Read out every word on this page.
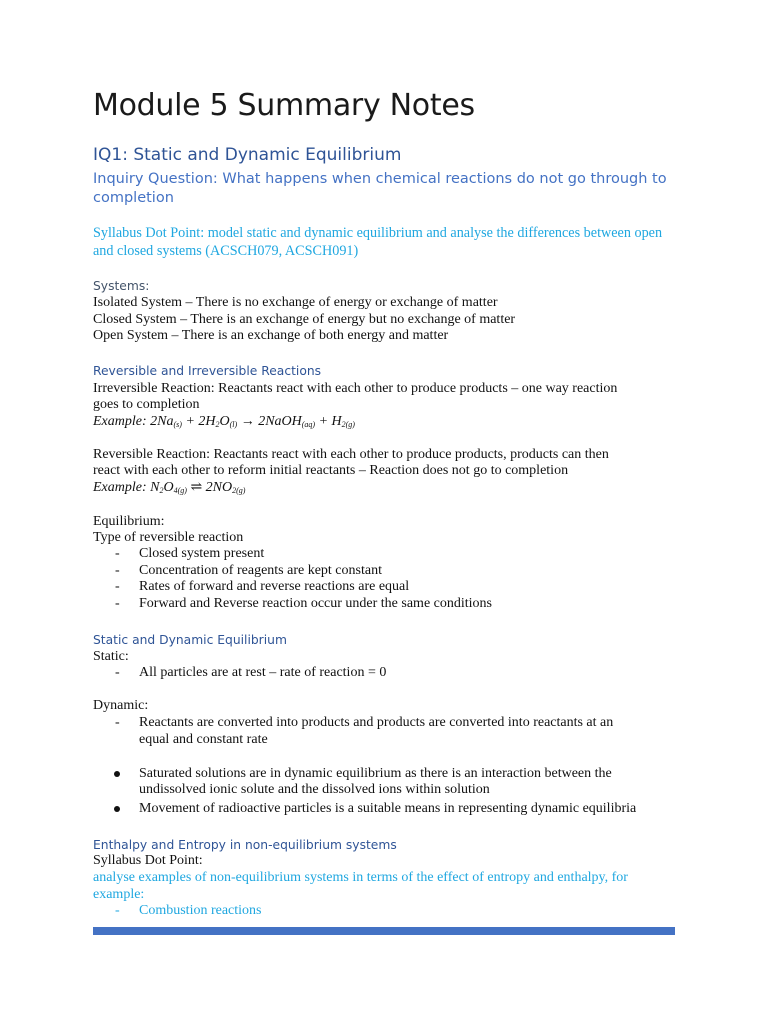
Module 5 Summary Notes
IQ1: Static and Dynamic Equilibrium
Inquiry Question: What happens when chemical reactions do not go through to completion
Syllabus Dot Point: model static and dynamic equilibrium and analyse the differences between open and closed systems (ACSCH079, ACSCH091)
Systems:
Isolated System – There is no exchange of energy or exchange of matter
Closed System – There is an exchange of energy but no exchange of matter
Open System – There is an exchange of both energy and matter
Reversible and Irreversible Reactions
Irreversible Reaction: Reactants react with each other to produce products – one way reaction
goes to completion
Example: $2Na_{(s)} + 2H_2O_{(l)}$ → 2NaOH$_{(aq)}$ + $H_{2(g)}$
Reversible Reaction: Reactants react with each other to produce products, products can then
react with each other to reform initial reactants – Reaction does not go to completion
Example: $N_2O_{4(g)}$ ⇌ $2NO_{2(g)}$
Equilibrium:
Type of reversible reaction
- Closed system present
- Concentration of reagents are kept constant
- Rates of forward and reverse reactions are equal
- Forward and Reverse reaction occur under the same conditions
Static and Dynamic Equilibrium
Static:
- All particles are at rest – rate of reaction = 0
Dynamic:
- Reactants are converted into products and products are converted into reactants at an
equal and constant rate
Saturated solutions are in dynamic equilibrium as there is an interaction between the
undissolved ionic solute and the dissolved ions within solution
Movement of radioactive particles is a suitable means in representing dynamic equilibria
Enthalpy and Entropy in non-equilibrium systems
Syllabus Dot Point:
analyse examples of non-equilibrium systems in terms of the effect of entropy and enthalpy, for
example:
- Combustion reactions
